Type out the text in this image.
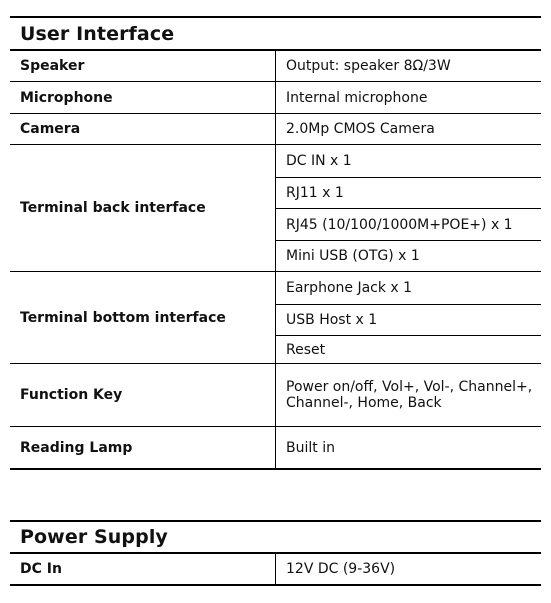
User Interface	
Speaker	Output: speaker 8Ω/3W
Microphone	Internal microphone
Camera	2.0Mp CMOS Camera
Terminal back interface	DC IN x 1
	RJ11 x 1
	RJ45 (10/100/1000M+POE+) x 1
	Mini USB (OTG) x 1
Terminal bottom interface	Earphone Jack x 1
	USB Host x 1
	Reset
Function Key	Power on/off, Vol+, Vol-, Channel+, Channel-, Home, Back
Reading Lamp	Built in
Power Supply
DC In	12V DC (9-36V)
